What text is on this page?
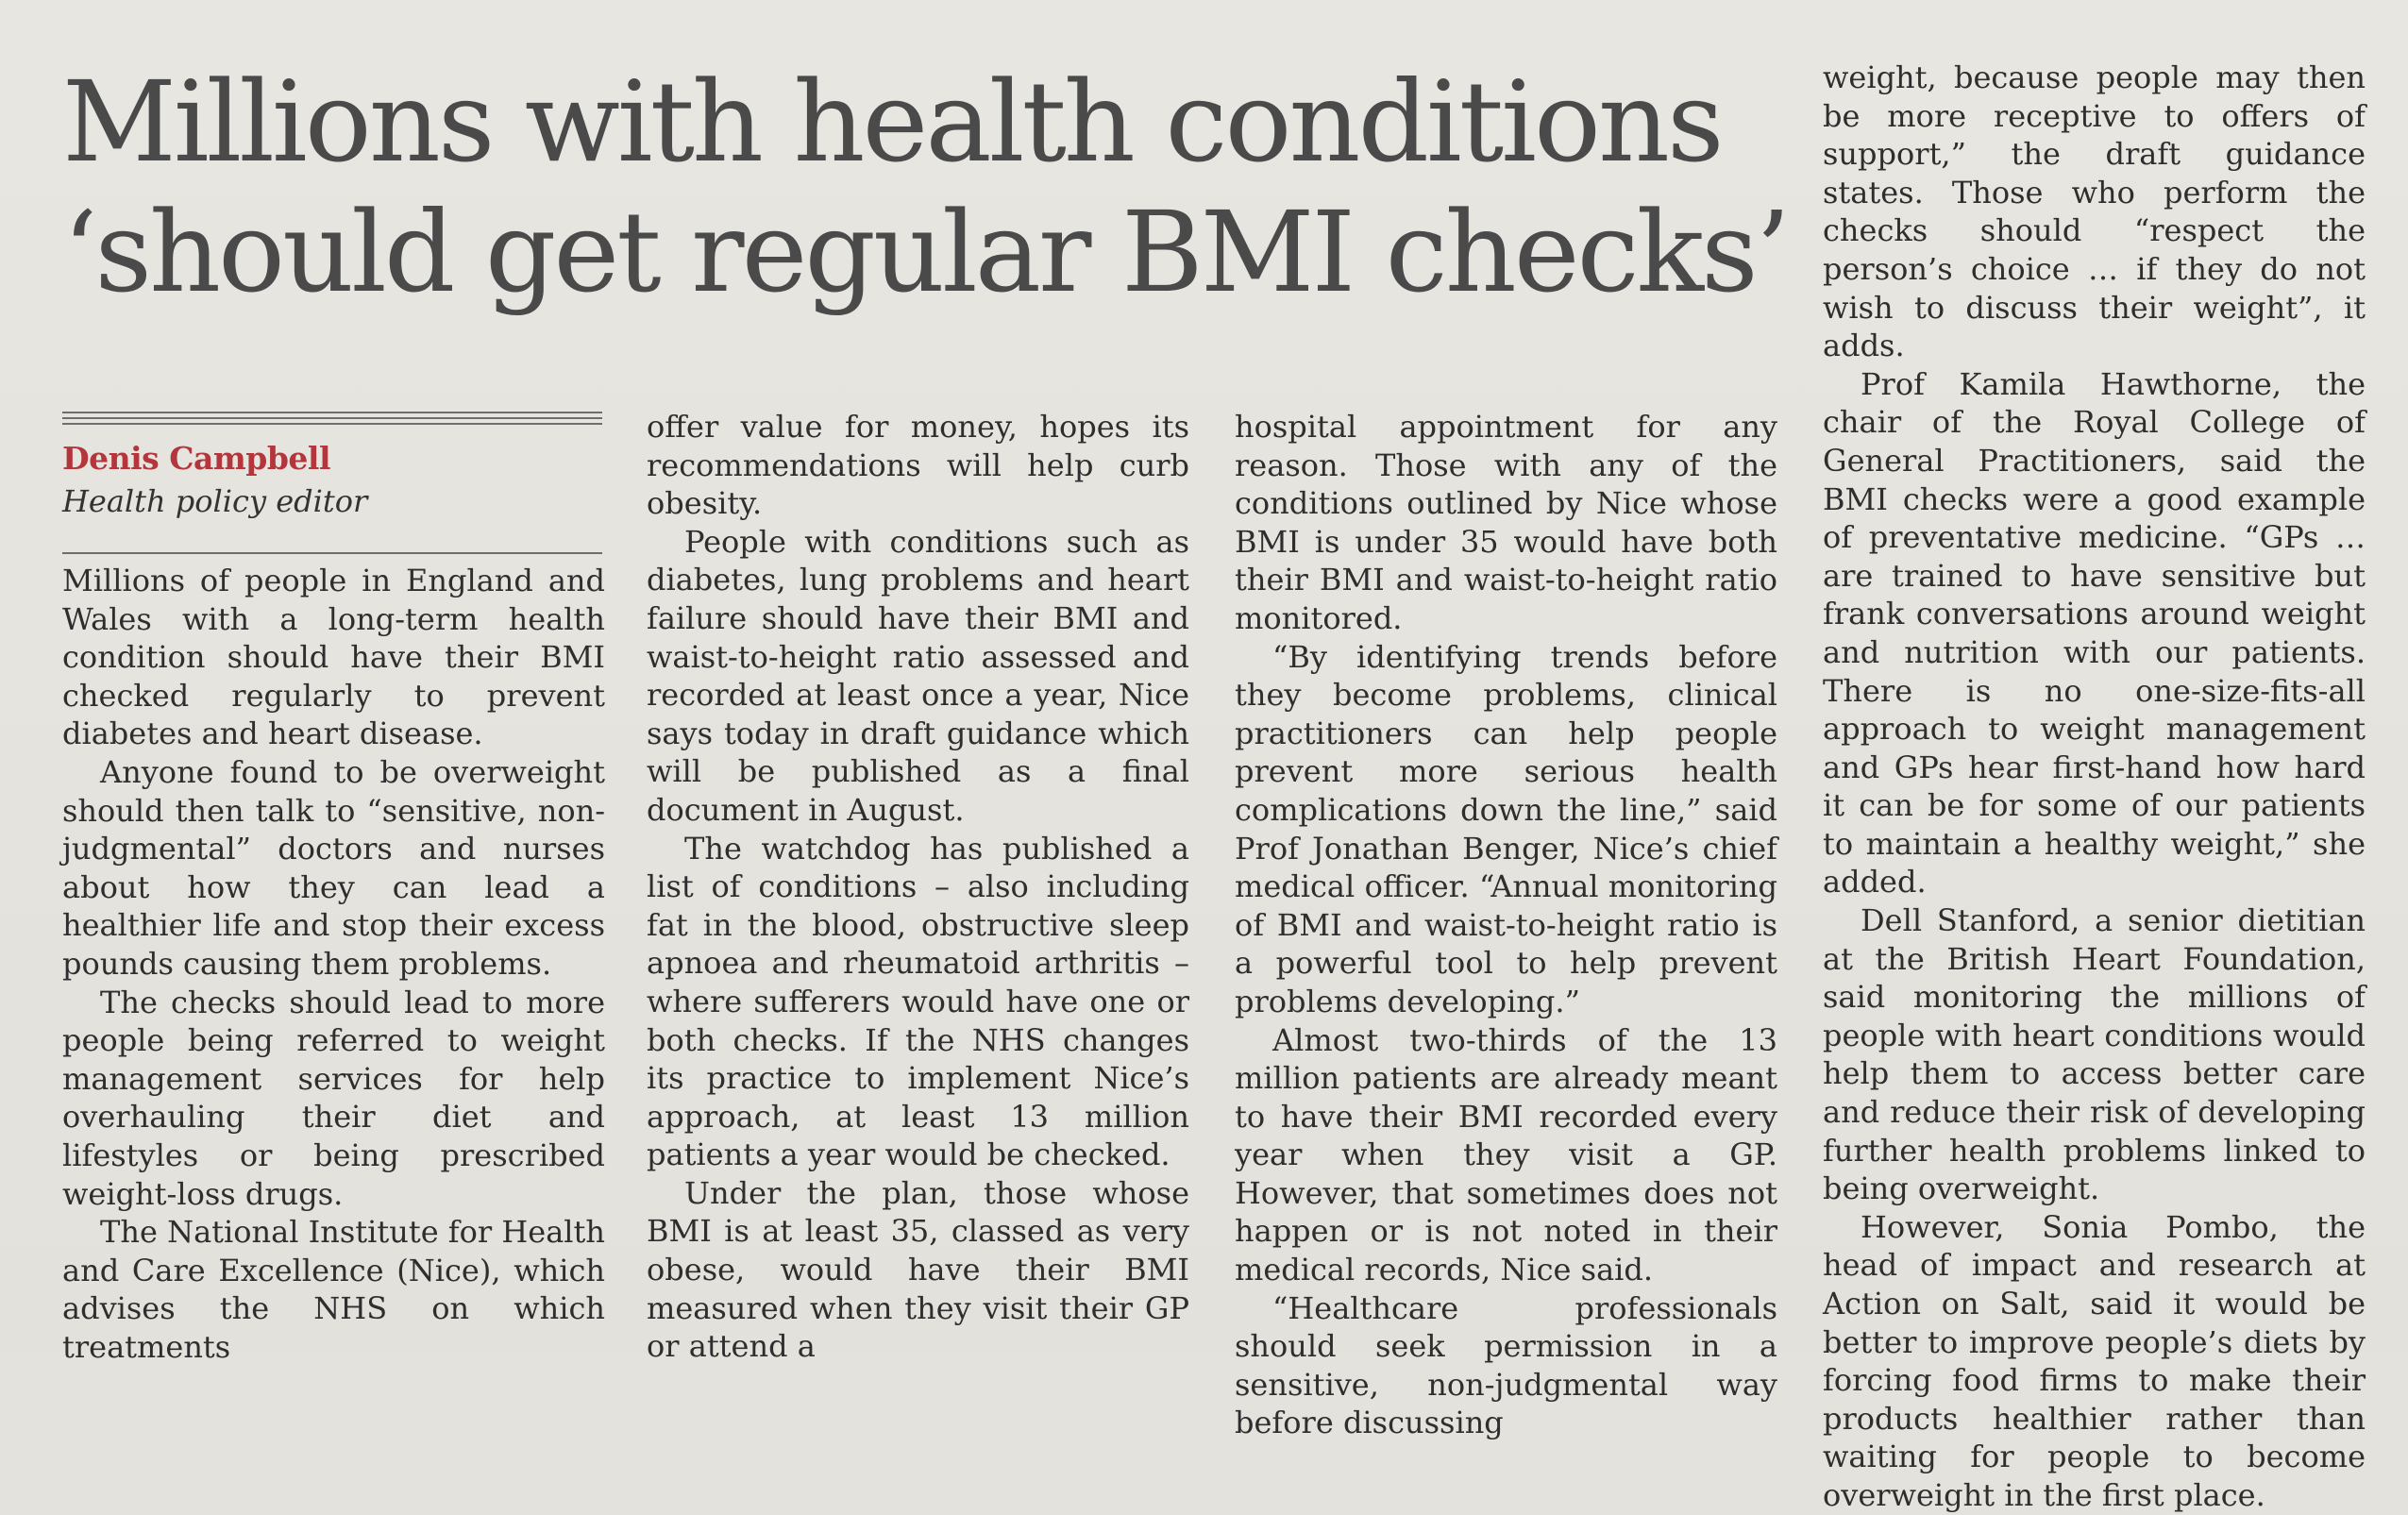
Millions with health conditions
‘should get regular BMI checks’
Denis Campbell
Health policy editor

Millions of people in England and Wales with a long-term health condition should have their BMI checked regularly to prevent diabetes and heart disease.

Anyone found to be overweight should then talk to “sensitive, non-judgmental” doctors and nurses about how they can lead a healthier life and stop their excess pounds causing them problems.

The checks should lead to more people being referred to weight management services for help overhauling their diet and lifestyles or being prescribed weight-loss drugs.

The National Institute for Health and Care Excellence (Nice), which advises the NHS on which treatments

offer value for money, hopes its recommendations will help curb obesity.

People with conditions such as diabetes, lung problems and heart failure should have their BMI and waist-to-height ratio assessed and recorded at least once a year, Nice says today in draft guidance which will be published as a final document in August.

The watchdog has published a list of conditions – also including fat in the blood, obstructive sleep apnoea and rheumatoid arthritis – where sufferers would have one or both checks. If the NHS changes its practice to implement Nice’s approach, at least 13 million patients a year would be checked.

Under the plan, those whose BMI is at least 35, classed as very obese, would have their BMI measured when they visit their GP or attend a

hospital appointment for any reason. Those with any of the conditions outlined by Nice whose BMI is under 35 would have both their BMI and waist-to-height ratio monitored.

“By identifying trends before they become problems, clinical practitioners can help people prevent more serious health complications down the line,” said Prof Jonathan Benger, Nice’s chief medical officer. “Annual monitoring of BMI and waist-to-height ratio is a powerful tool to help prevent problems developing.”

Almost two-thirds of the 13 million patients are already meant to have their BMI recorded every year when they visit a GP. However, that sometimes does not happen or is not noted in their medical records, Nice said.

“Healthcare professionals should seek permission in a sensitive, non-judgmental way before discussing

weight, because people may then be more receptive to offers of support,” the draft guidance states. Those who perform the checks should “respect the person’s choice … if they do not wish to discuss their weight”, it adds.

Prof Kamila Hawthorne, the chair of the Royal College of General Practitioners, said the BMI checks were a good example of preventative medicine. “GPs … are trained to have sensitive but frank conversations around weight and nutrition with our patients. There is no one-size-fits-all approach to weight management and GPs hear first-hand how hard it can be for some of our patients to maintain a healthy weight,” she added.

Dell Stanford, a senior dietitian at the British Heart Foundation, said monitoring the millions of people with heart conditions would help them to access better care and reduce their risk of developing further health problems linked to being overweight.

However, Sonia Pombo, the head of impact and research at Action on Salt, said it would be better to improve people’s diets by forcing food firms to make their products healthier rather than waiting for people to become overweight in the first place.
